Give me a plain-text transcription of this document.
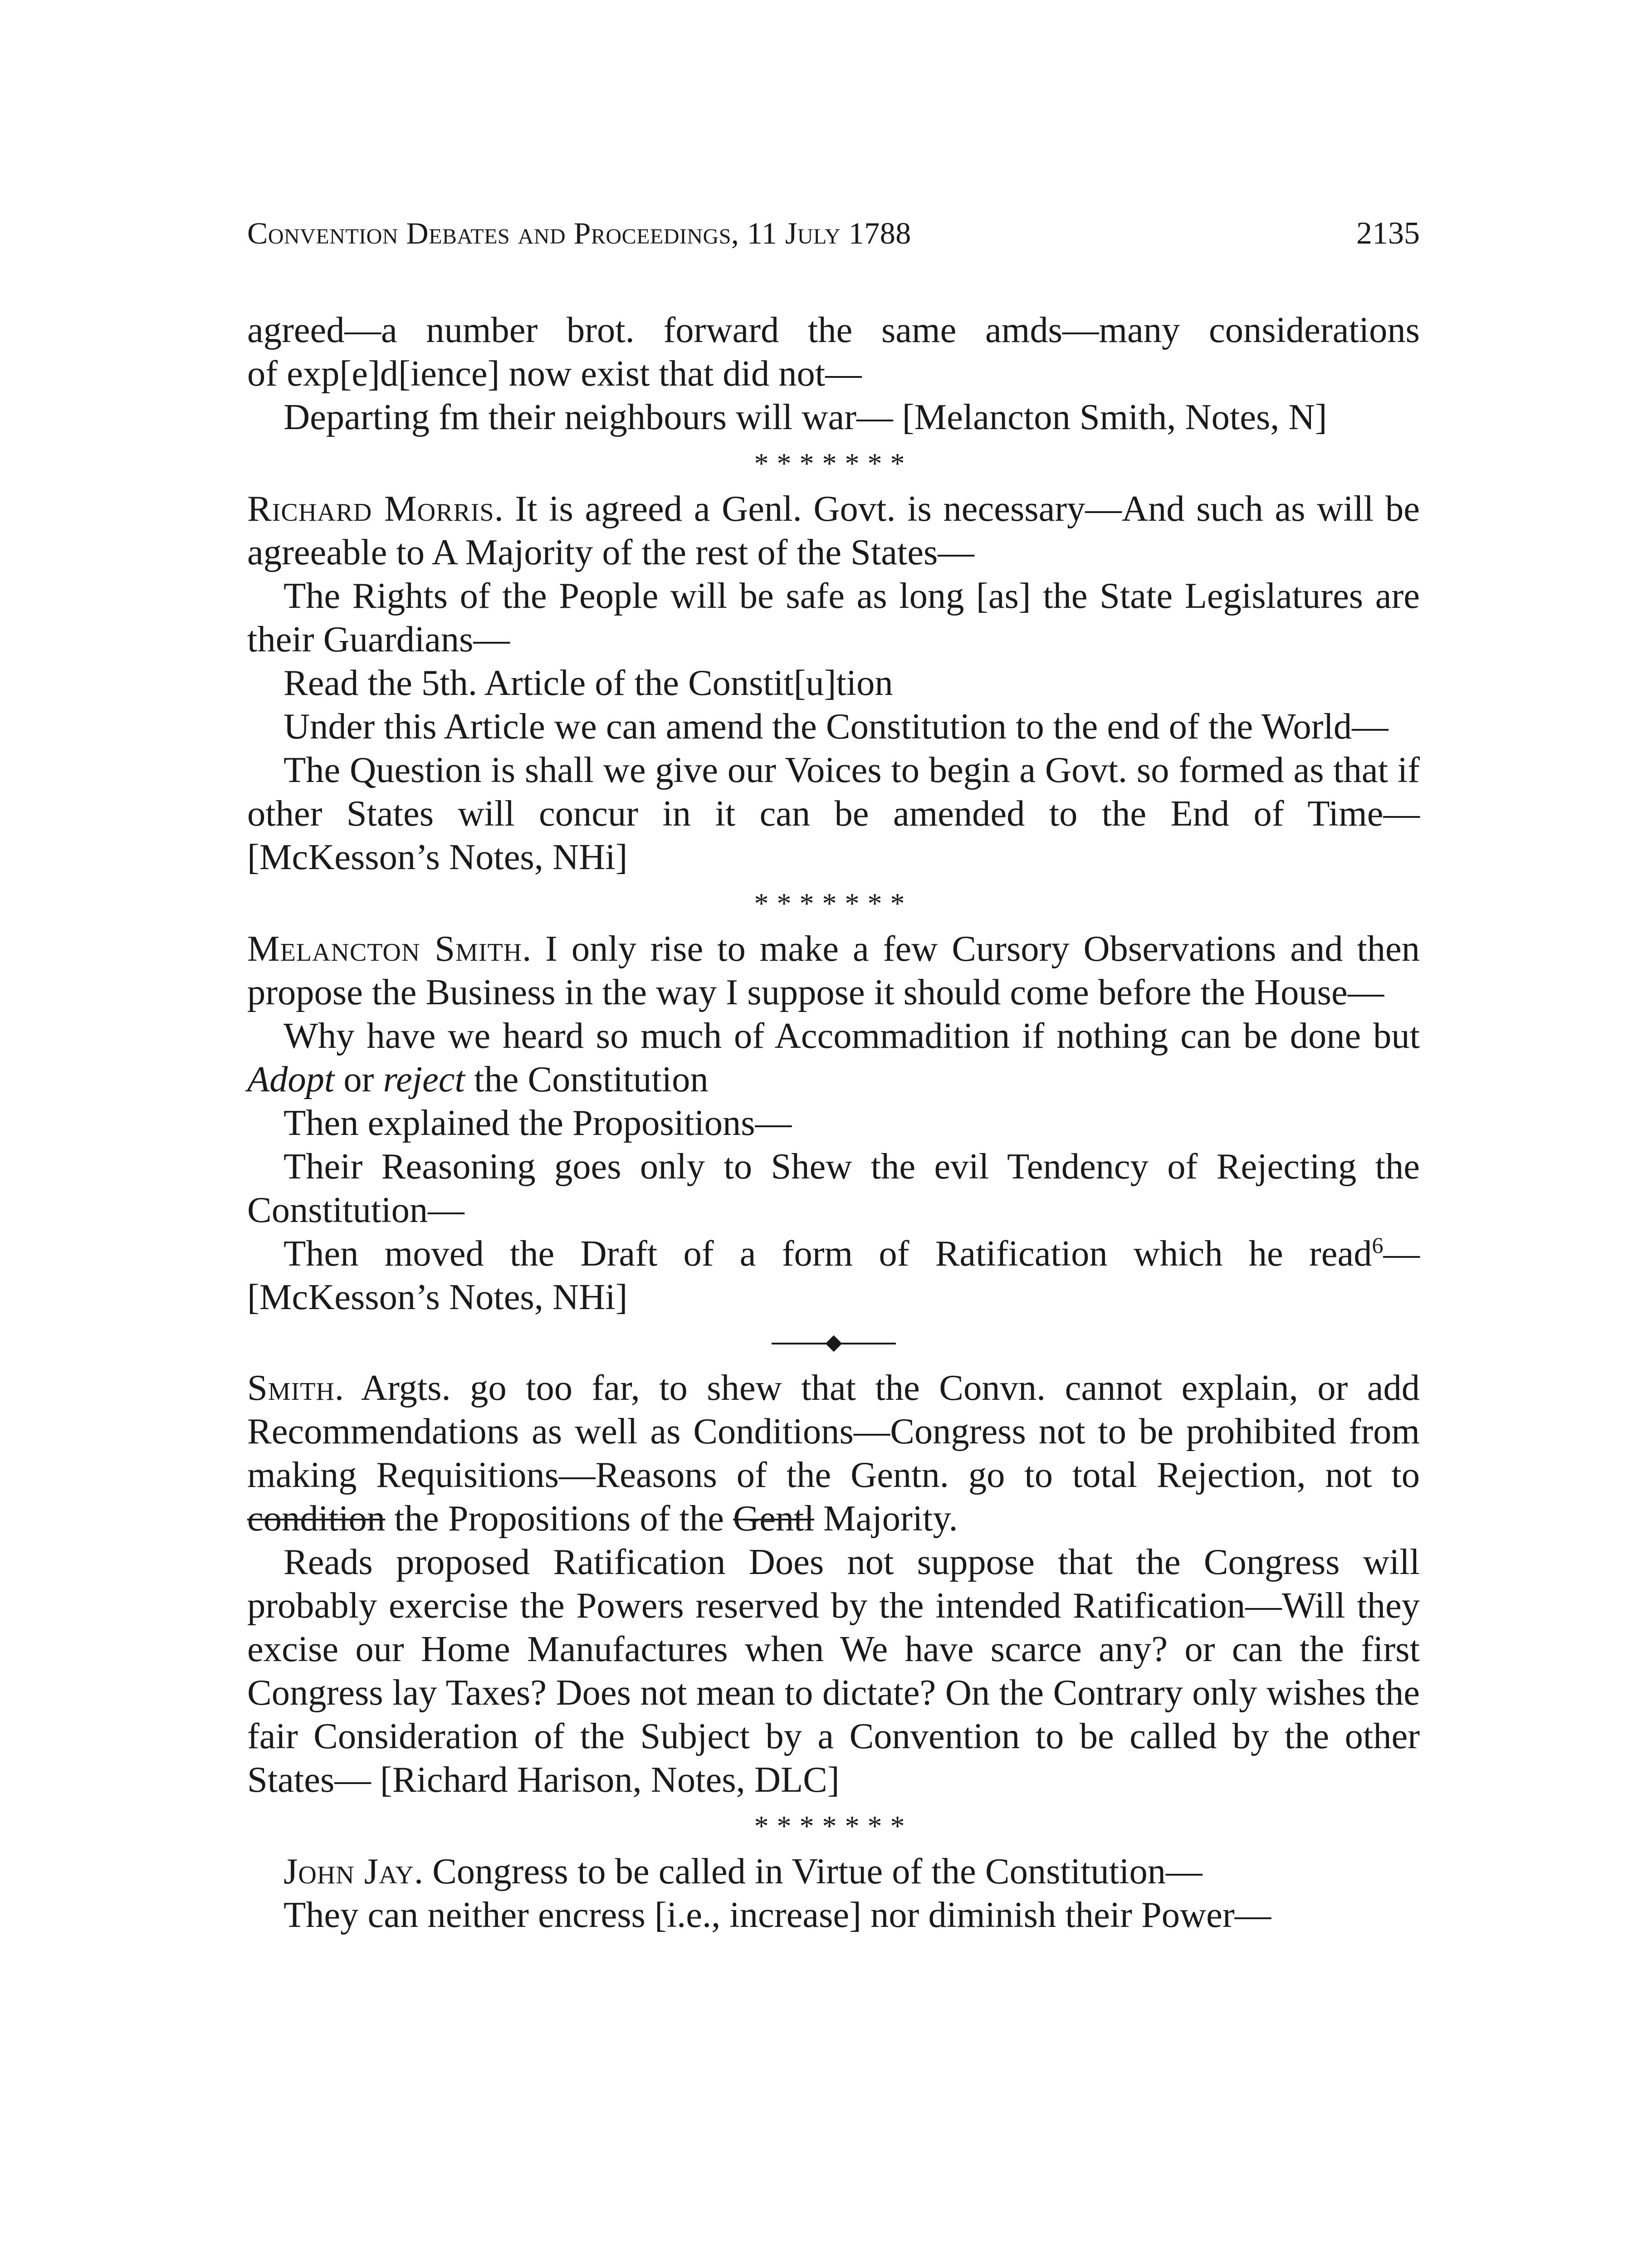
Convention Debates and Proceedings, 11 July 1788	2135

agreed—a number brot. forward the same amds—many considerations

of exp[e]d[ience] now exist that did not—

Departing fm their neighbours will war— [Melancton Smith, Notes, N]

*******

Richard Morris. It is agreed a Genl. Govt. is necessary—And such as will be agreeable to A Majority of the rest of the States—

The Rights of the People will be safe as long [as] the State Legislatures are their Guardians—

Read the 5th. Article of the Constit[u]tion

Under this Article we can amend the Constitution to the end of the World—

The Question is shall we give our Voices to begin a Govt. so formed as that if other States will concur in it can be amended to the End of Time— [McKesson’s Notes, NHi]

*******

Melancton Smith. I only rise to make a few Cursory Observations and then propose the Business in the way I suppose it should come before the House—

Why have we heard so much of Accommadition if nothing can be done but Adopt or reject the Constitution

Then explained the Propositions—

Their Reasoning goes only to Shew the evil Tendency of Rejecting the Constitution—

Then moved the Draft of a form of Ratification which he read$^6$— [McKesson’s Notes, NHi]

Smith. Argts. go too far, to shew that the Convn. cannot explain, or add Recommendations as well as Conditions—Congress not to be prohibited from making Requisitions—Reasons of the Gentn. go to total Rejection, not to condition the Propositions of the Gentl Majority.

Reads proposed Ratification Does not suppose that the Congress will probably exercise the Powers reserved by the intended Ratification—Will they excise our Home Manufactures when We have scarce any? or can the first Congress lay Taxes? Does not mean to dictate? On the Contrary only wishes the fair Consideration of the Subject by a Convention to be called by the other States— [Richard Harison, Notes, DLC]

*******

John Jay. Congress to be called in Virtue of the Constitution—

They can neither encress [i.e., increase] nor diminish their Power—
